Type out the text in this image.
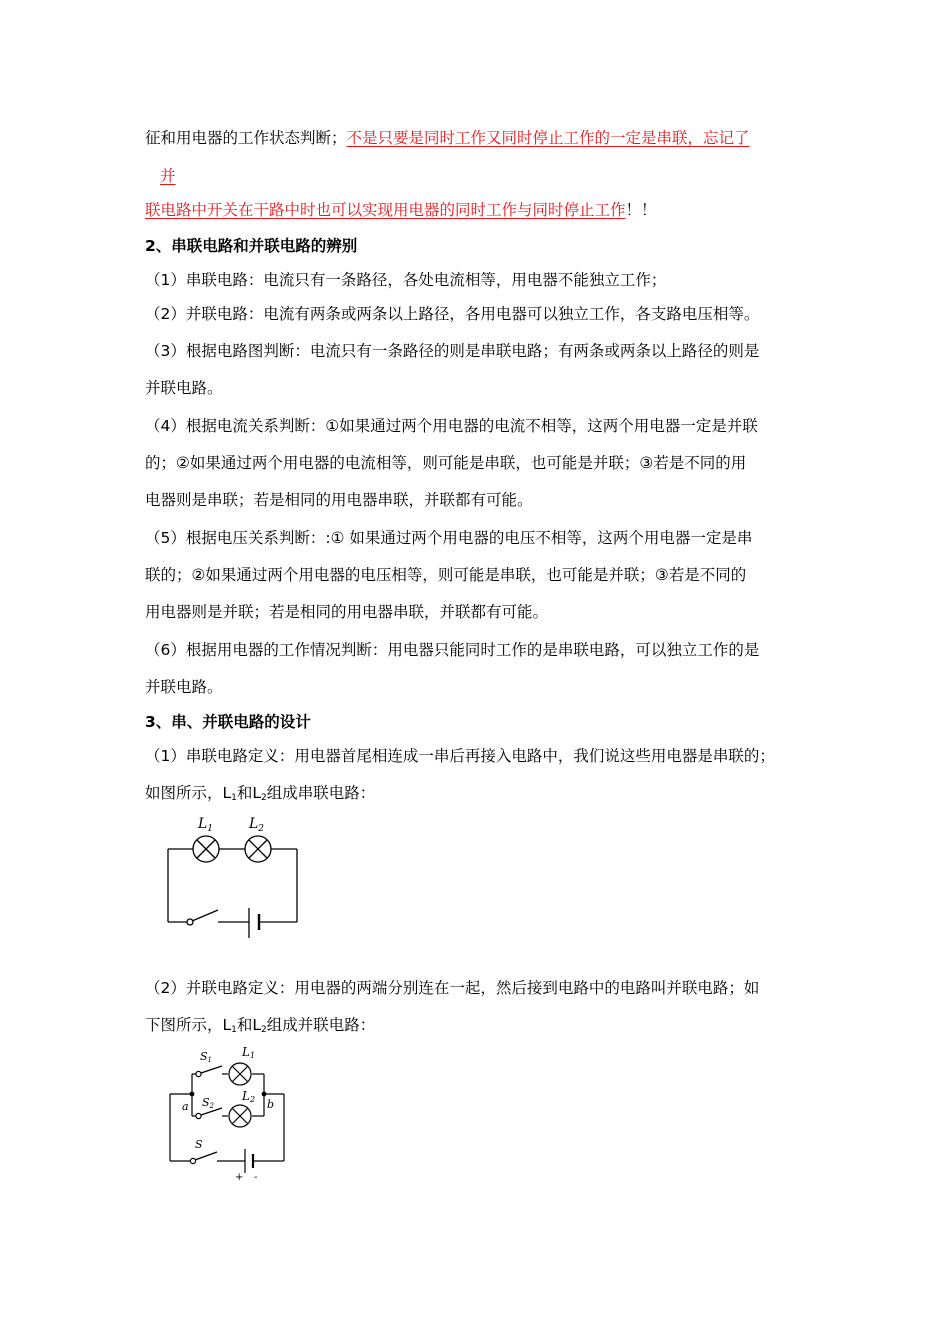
征和用电器的工作状态判断；不是只要是同时工作又同时停止工作的一定是串联，忘记了
并
联电路中开关在干路中时也可以实现用电器的同时工作与同时停止工作！！
2、串联电路和并联电路的辨别
（1）串联电路：电流只有一条路径，各处电流相等，用电器不能独立工作；
（2）并联电路：电流有两条或两条以上路径，各用电器可以独立工作，各支路电压相等。
（3）根据电路图判断：电流只有一条路径的则是串联电路；有两条或两条以上路径的则是
并联电路。
（4）根据电流关系判断：①如果通过两个用电器的电流不相等，这两个用电器一定是并联
的；②如果通过两个用电器的电流相等，则可能是串联，也可能是并联；③若是不同的用
电器则是串联；若是相同的用电器串联，并联都有可能。
（5）根据电压关系判断：:① 如果通过两个用电器的电压不相等，这两个用电器一定是串
联的；②如果通过两个用电器的电压相等，则可能是串联，也可能是并联；③若是不同的
用电器则是并联；若是相同的用电器串联，并联都有可能。
（6）根据用电器的工作情况判断：用电器只能同时工作的是串联电路，可以独立工作的是
并联电路。
3、串、并联电路的设计
（1）串联电路定义：用电器首尾相连成一串后再接入电路中，我们说这些用电器是串联的；
如图所示，$L_1$和$L_2$组成串联电路：
$L_1$	$L_2$
（2）并联电路定义：用电器的两端分别连在一起，然后接到电路中的电路叫并联电路；如
下图所示，$L_1$和$L_2$组成并联电路：
S1
L1
S2
L2
a	b
S
+ -
